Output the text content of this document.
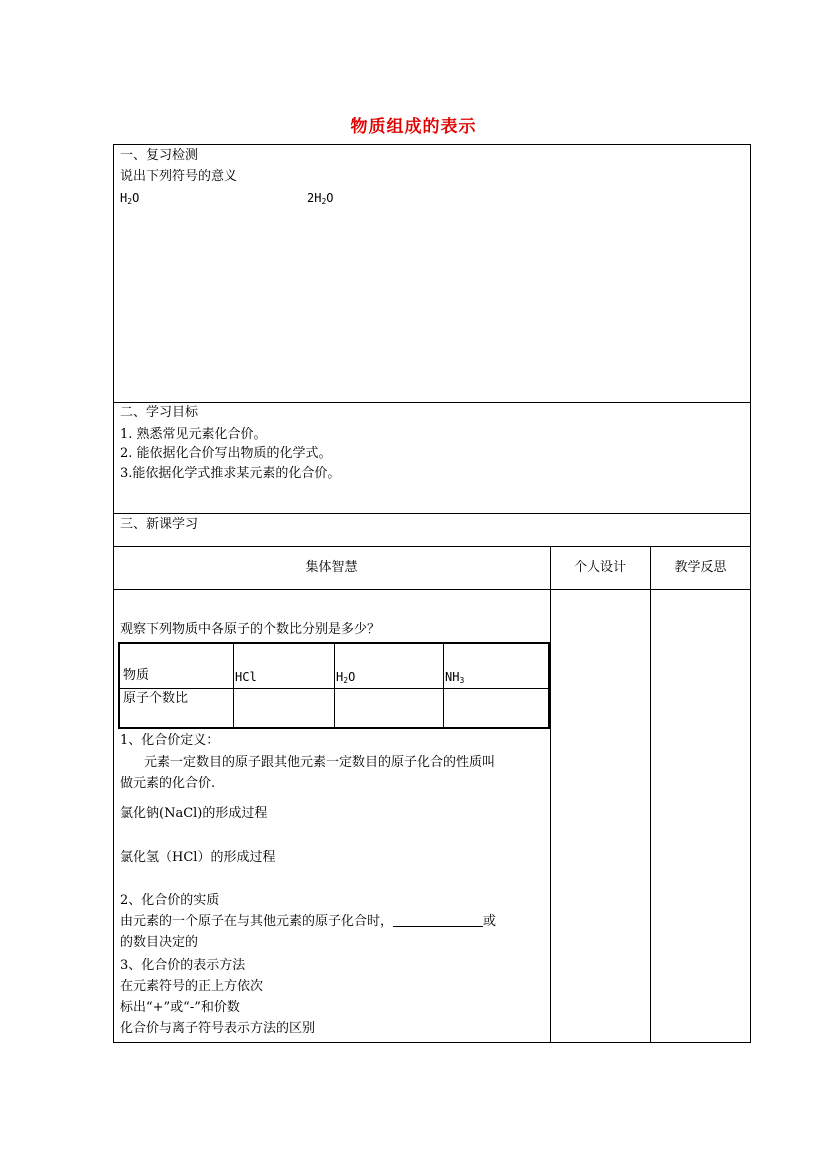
物质组成的表示
一、复习检测
说出下列符号的意义
$H_2O$	$2H_2O$
二、学习目标
1. 熟悉常见元素化合价。
2. 能依据化合价写出物质的化学式。
3.能依据化学式推求某元素的化合价。
三、新课学习
集体智慧	个人设计	教学反思
观察下列物质中各原子的个数比分别是多少？
物质	HCl	$H_2O$	$NH_3$
原子个数比
1、化合价定义：
元素一定数目的原子跟其他元素一定数目的原子化合的性质叫
做元素的化合价.
氯化钠(NaCl)的形成过程
氯化氢（HCl）的形成过程
2、化合价的实质
由元素的一个原子在与其他元素的原子化合时，	或
的数目决定的
3、化合价的表示方法
在元素符号的正上方依次
标出“+”或“-”和价数
化合价与离子符号表示方法的区别
